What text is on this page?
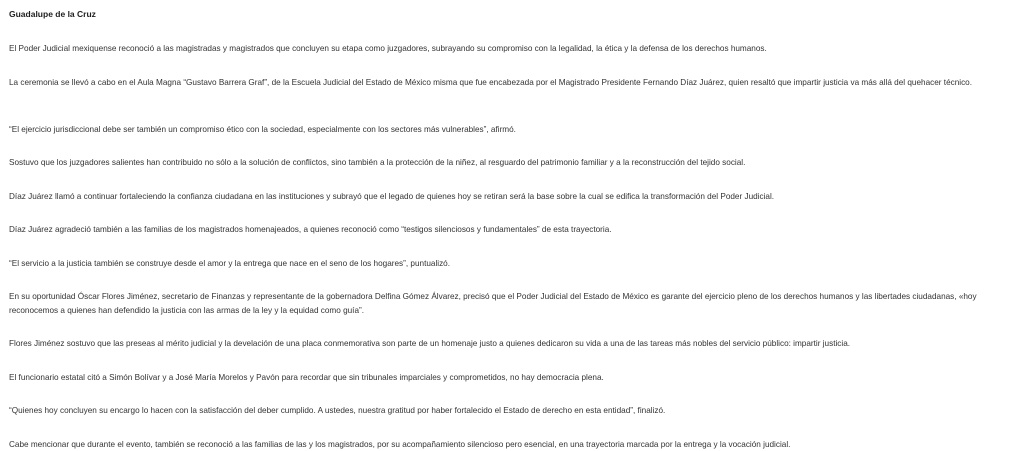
Guadalupe de la Cruz

El Poder Judicial mexiquense reconoció a las magistradas y magistrados que concluyen su etapa como juzgadores, subrayando su compromiso con la legalidad, la ética y la defensa de los derechos humanos.

La ceremonia se llevó a cabo en el Aula Magna “Gustavo Barrera Graf”, de la Escuela Judicial del Estado de México misma que fue encabezada por el Magistrado Presidente Fernando Díaz Juárez, quien resaltó que impartir justicia va más allá del quehacer técnico.

“El ejercicio jurisdiccional debe ser también un compromiso ético con la sociedad, especialmente con los sectores más vulnerables”, afirmó.

Sostuvo que los juzgadores salientes han contribuido no sólo a la solución de conflictos, sino también a la protección de la niñez, al resguardo del patrimonio familiar y a la reconstrucción del tejido social.

Díaz Juárez llamó a continuar fortaleciendo la confianza ciudadana en las instituciones y subrayó que el legado de quienes hoy se retiran será la base sobre la cual se edifica la transformación del Poder Judicial.

Díaz Juárez agradeció también a las familias de los magistrados homenajeados, a quienes reconoció como “testigos silenciosos y fundamentales” de esta trayectoria.

“El servicio a la justicia también se construye desde el amor y la entrega que nace en el seno de los hogares”, puntualizó.

En su oportunidad Óscar Flores Jiménez, secretario de Finanzas y representante de la gobernadora Delfina Gómez Álvarez, precisó que el Poder Judicial del Estado de México es garante del ejercicio pleno de los derechos humanos y las libertades ciudadanas, «hoy reconocemos a quienes han defendido la justicia con las armas de la ley y la equidad como guía”.

Flores Jiménez sostuvo que las preseas al mérito judicial y la develación de una placa conmemorativa son parte de un homenaje justo a quienes dedicaron su vida a una de las tareas más nobles del servicio público: impartir justicia.

El funcionario estatal citó a Simón Bolívar y a José María Morelos y Pavón para recordar que sin tribunales imparciales y comprometidos, no hay democracia plena.

“Quienes hoy concluyen su encargo lo hacen con la satisfacción del deber cumplido. A ustedes, nuestra gratitud por haber fortalecido el Estado de derecho en esta entidad”, finalizó.

Cabe mencionar que durante el evento, también se reconoció a las familias de las y los magistrados, por su acompañamiento silencioso pero esencial, en una trayectoria marcada por la entrega y la vocación judicial.
